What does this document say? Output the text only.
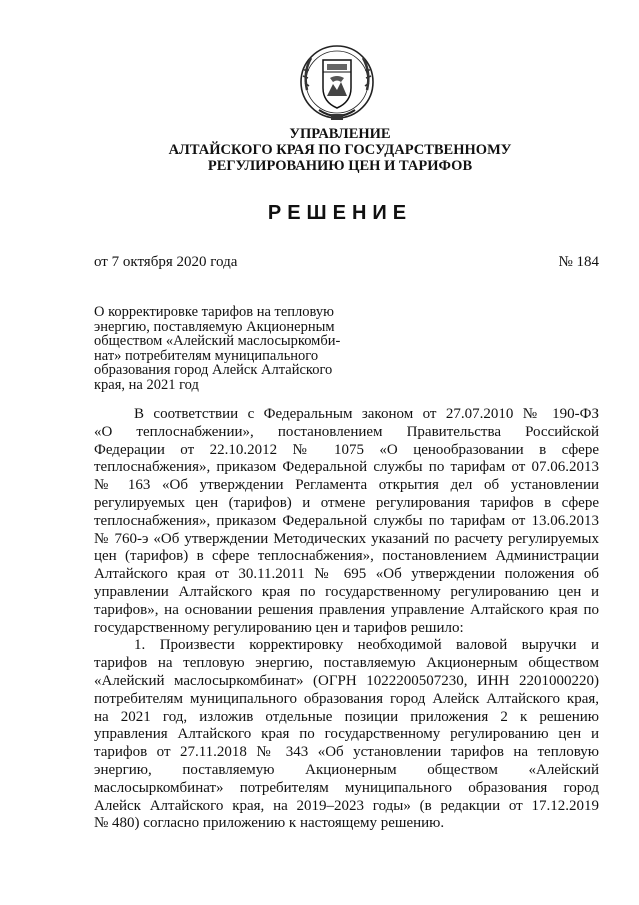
УПРАВЛЕНИЕ
АЛТАЙСКОГО КРАЯ ПО ГОСУДАРСТВЕННОМУ
РЕГУЛИРОВАНИЮ ЦЕН И ТАРИФОВ
РЕШЕНИЕ
от 7 октября 2020 года	№ 184
О корректировке тарифов на тепловую
энергию, поставляемую Акционерным
обществом «Алейский маслосыркомби-
нат» потребителям муниципального
образования город Алейск Алтайского
края, на 2021 год
В соответствии с Федеральным законом от 27.07.2010 № 190-ФЗ
«О теплоснабжении», постановлением Правительства Российской
Федерации от 22.10.2012 № 1075 «О ценообразовании в сфере
теплоснабжения», приказом Федеральной службы по тарифам от 07.06.2013
№ 163 «Об утверждении Регламента открытия дел об установлении
регулируемых цен (тарифов) и отмене регулирования тарифов в сфере
теплоснабжения», приказом Федеральной службы по тарифам от 13.06.2013
№ 760-э «Об утверждении Методических указаний по расчету регулируемых
цен (тарифов) в сфере теплоснабжения», постановлением Администрации
Алтайского края от 30.11.2011 № 695 «Об утверждении положения об
управлении Алтайского края по государственному регулированию цен и
тарифов», на основании решения правления управление Алтайского края по
государственному регулированию цен и тарифов решило:
1. Произвести корректировку необходимой валовой выручки и
тарифов на тепловую энергию, поставляемую Акционерным обществом
«Алейский маслосыркомбинат» (ОГРН 1022200507230, ИНН 2201000220)
потребителям муниципального образования город Алейск Алтайского края,
на 2021 год, изложив отдельные позиции приложения 2 к решению
управления Алтайского края по государственному регулированию цен и
тарифов от 27.11.2018 № 343 «Об установлении тарифов на тепловую
энергию, поставляемую Акционерным обществом «Алейский
маслосыркомбинат» потребителям муниципального образования город
Алейск Алтайского края, на 2019–2023 годы» (в редакции от 17.12.2019
№ 480) согласно приложению к настоящему решению.
